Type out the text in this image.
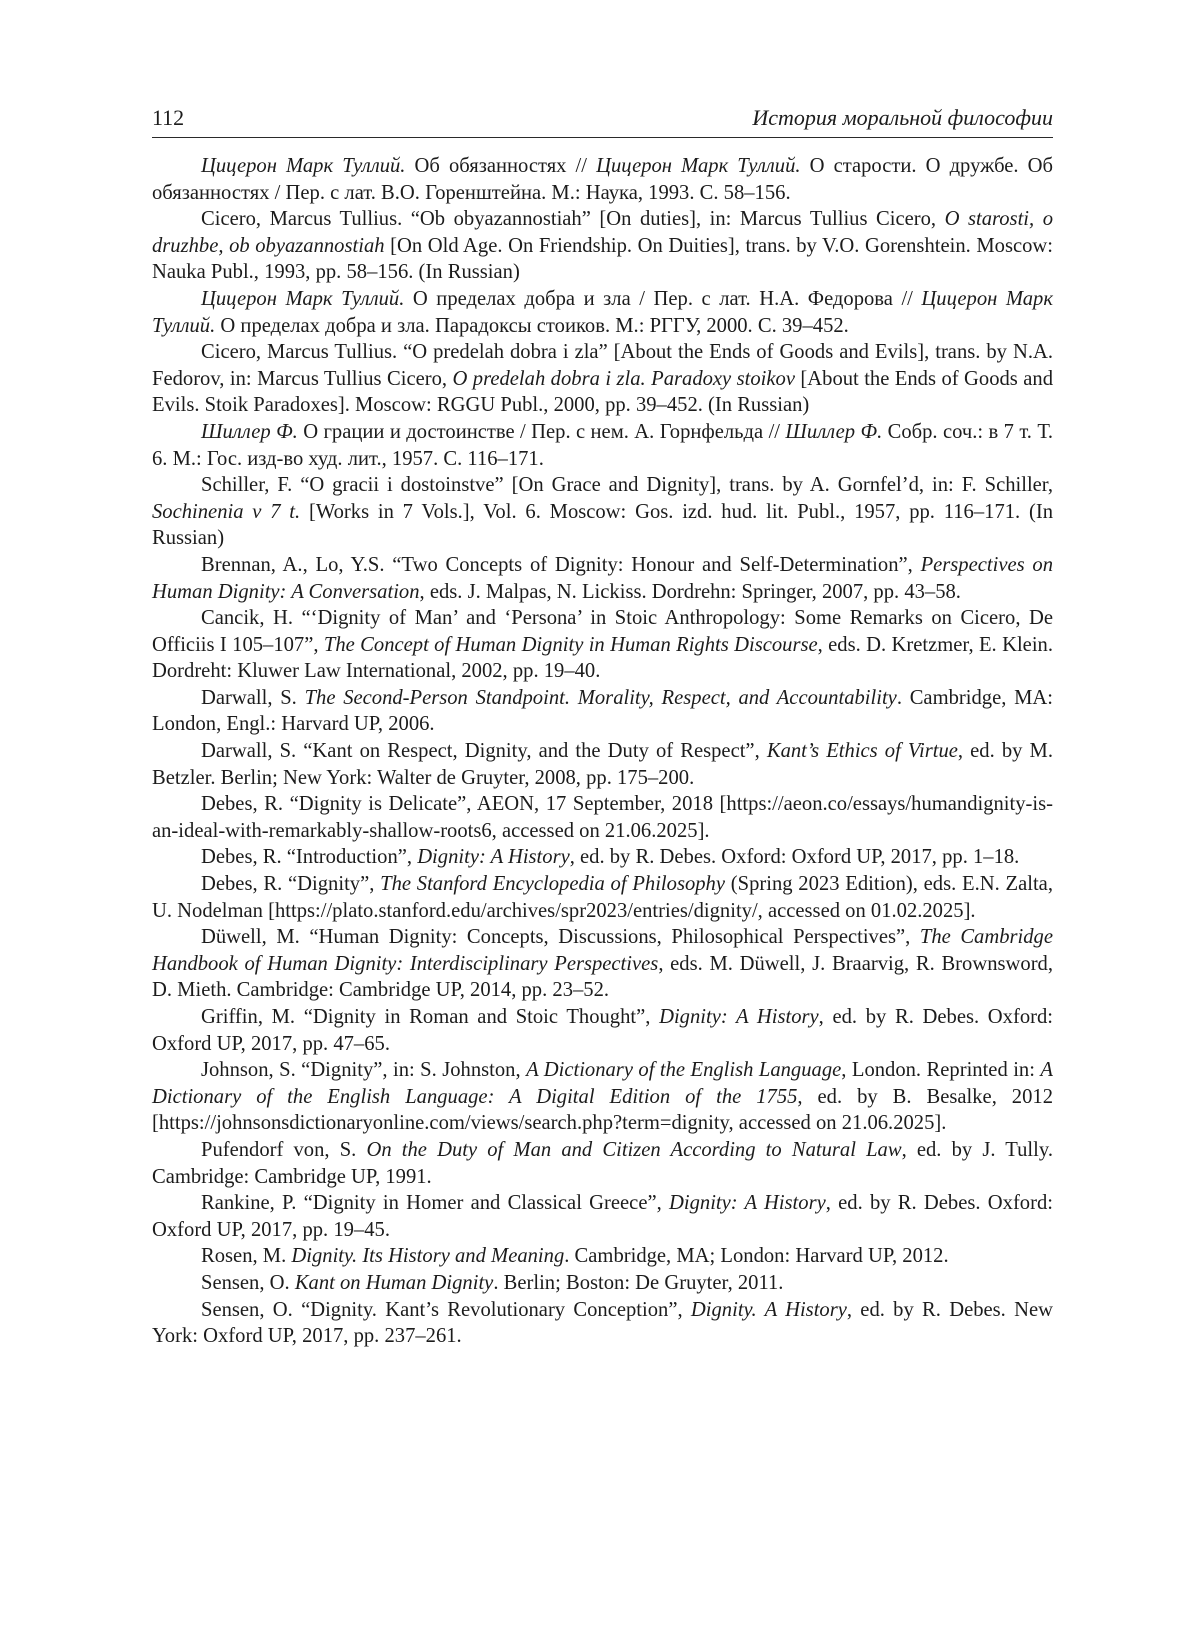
112	История моральной философии

Цицерон Марк Туллий. Об обязанностях // Цицерон Марк Туллий. О старости. О дружбе. Об обязанностях / Пер. с лат. В.О. Горенштейна. М.: Наука, 1993. С. 58–156.

Cicero, Marcus Tullius. “Ob obyazannostiah” [On duties], in: Marcus Tullius Cicero, O starosti, o druzhbe, ob obyazannostiah [On Old Age. On Friendship. On Duities], trans. by V.O. Gorenshtein. Moscow: Nauka Publ., 1993, pp. 58–156. (In Russian)

Цицерон Марк Туллий. О пределах добра и зла / Пер. с лат. Н.А. Федорова // Цицерон Марк Туллий. О пределах добра и зла. Парадоксы стоиков. М.: РГГУ, 2000. С. 39–452.

Cicero, Marcus Tullius. “O predelah dobra i zla” [About the Ends of Goods and Evils], trans. by N.A. Fedorov, in: Marcus Tullius Cicero, O predelah dobra i zla. Paradoxy stoikov [About the Ends of Goods and Evils. Stoik Paradoxes]. Moscow: RGGU Publ., 2000, pp. 39–452. (In Russian)

Шиллер Ф. О грации и достоинстве / Пер. с нем. А. Горнфельда // Шиллер Ф. Собр. соч.: в 7 т. Т. 6. М.: Гос. изд-во худ. лит., 1957. С. 116–171.

Schiller, F. “O gracii i dostoinstve” [On Grace and Dignity], trans. by A. Gornfel’d, in: F. Schiller, Sochinenia v 7 t. [Works in 7 Vols.], Vol. 6. Moscow: Gos. izd. hud. lit. Publ., 1957, pp. 116–171. (In Russian)

Brennan, A., Lo, Y.S. “Two Concepts of Dignity: Honour and Self-Determination”, Perspectives on Human Dignity: A Conversation, eds. J. Malpas, N. Lickiss. Dordrehn: Springer, 2007, pp. 43–58.

Cancik, H. “‘Dignity of Man’ and ‘Persona’ in Stoic Anthropology: Some Remarks on Cicero, De Officiis I 105–107”, The Concept of Human Dignity in Human Rights Discourse, eds. D. Kretzmer, E. Klein. Dordreht: Kluwer Law International, 2002, pp. 19–40.

Darwall, S. The Second-Person Standpoint. Morality, Respect, and Accountability. Cambridge, MA: London, Engl.: Harvard UP, 2006.

Darwall, S. “Kant on Respect, Dignity, and the Duty of Respect”, Kant’s Ethics of Virtue, ed. by M. Betzler. Berlin; New York: Walter de Gruyter, 2008, pp. 175–200.

Debes, R. “Dignity is Delicate”, AEON, 17 September, 2018 [https://aeon.co/essays/humandignity-is-an-ideal-with-remarkably-shallow-roots6, accessed on 21.06.2025].

Debes, R. “Introduction”, Dignity: A History, ed. by R. Debes. Oxford: Oxford UP, 2017, pp. 1–18.

Debes, R. “Dignity”, The Stanford Encyclopedia of Philosophy (Spring 2023 Edition), eds. E.N. Zalta, U. Nodelman [https://plato.stanford.edu/archives/spr2023/entries/dignity/, accessed on 01.02.2025].

Düwell, M. “Human Dignity: Concepts, Discussions, Philosophical Perspectives”, The Cambridge Handbook of Human Dignity: Interdisciplinary Perspectives, eds. M. Düwell, J. Braarvig, R. Brownsword, D. Mieth. Cambridge: Cambridge UP, 2014, pp. 23–52.

Griffin, M. “Dignity in Roman and Stoic Thought”, Dignity: A History, ed. by R. Debes. Oxford: Oxford UP, 2017, pp. 47–65.

Johnson, S. “Dignity”, in: S. Johnston, A Dictionary of the English Language, London. Reprinted in: A Dictionary of the English Language: A Digital Edition of the 1755, ed. by B. Besalke, 2012 [https://johnsonsdictionaryonline.com/views/search.php?term=dignity, accessed on 21.06.2025].

Pufendorf von, S. On the Duty of Man and Citizen According to Natural Law, ed. by J. Tully. Cambridge: Cambridge UP, 1991.

Rankine, P. “Dignity in Homer and Classical Greece”, Dignity: A History, ed. by R. Debes. Oxford: Oxford UP, 2017, pp. 19–45.

Rosen, M. Dignity. Its History and Meaning. Cambridge, MA; London: Harvard UP, 2012.

Sensen, O. Kant on Human Dignity. Berlin; Boston: De Gruyter, 2011.

Sensen, O. “Dignity. Kant’s Revolutionary Conception”, Dignity. A History, ed. by R. Debes. New York: Oxford UP, 2017, pp. 237–261.
